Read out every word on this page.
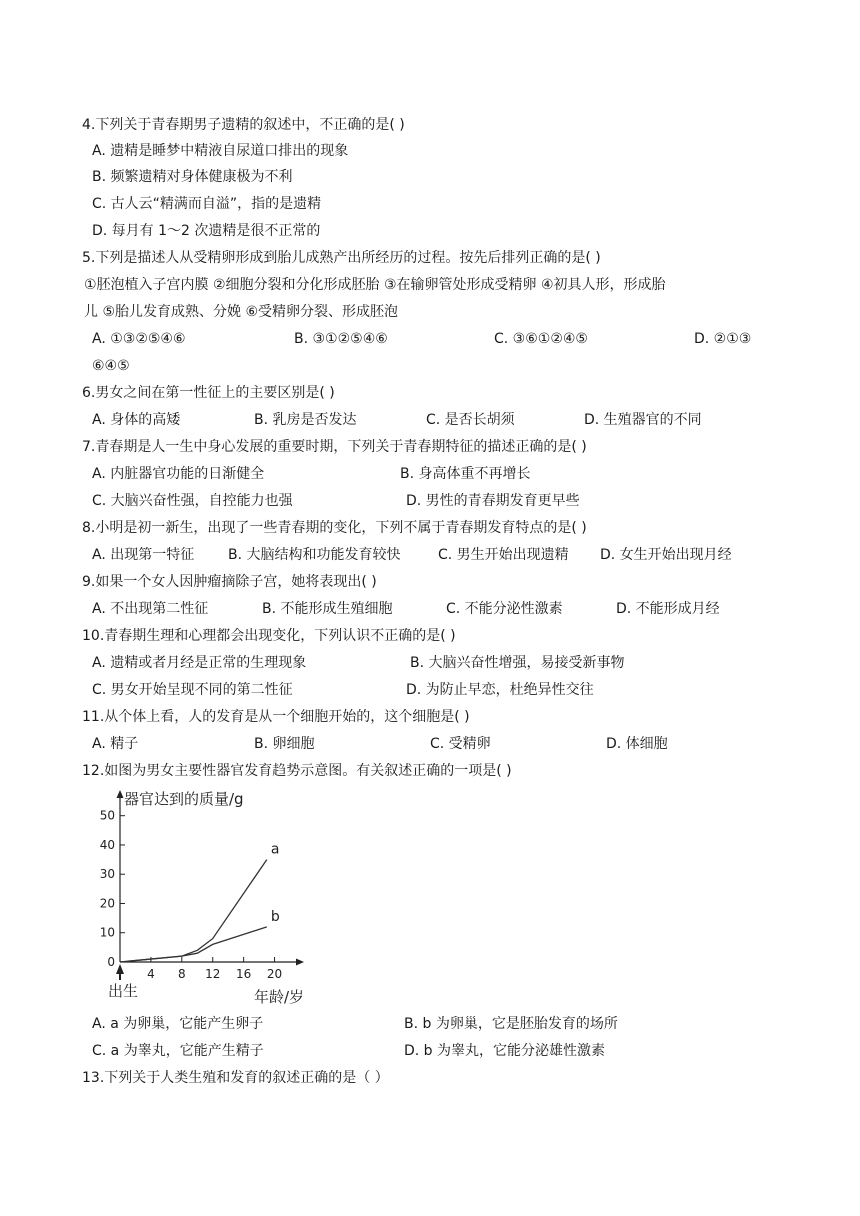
4.下列关于青春期男子遗精的叙述中，不正确的是( )
A. 遗精是睡梦中精液自尿道口排出的现象
B. 频繁遗精对身体健康极为不利
C. 古人云“精满而自溢”，指的是遗精
D. 每月有 1～2 次遗精是很不正常的
5.下列是描述人从受精卵形成到胎儿成熟产出所经历的过程。按先后排列正确的是( )
①胚泡植入子宫内膜 ②细胞分裂和分化形成胚胎 ③在输卵管处形成受精卵 ④初具人形，形成胎
儿 ⑤胎儿发育成熟、分娩 ⑥受精卵分裂、形成胚泡
A. ①③②⑤④⑥	B. ③①②⑤④⑥	C. ③⑥①②④⑤	D. ②①③
⑥④⑤
6.男女之间在第一性征上的主要区别是( )
A. 身体的高矮	B. 乳房是否发达	C. 是否长胡须	D. 生殖器官的不同
7.青春期是人一生中身心发展的重要时期，下列关于青春期特征的描述正确的是( )
A. 内脏器官功能的日渐健全	B. 身高体重不再增长
C. 大脑兴奋性强，自控能力也强	D. 男性的青春期发育更早些
8.小明是初一新生，出现了一些青春期的变化，下列不属于青春期发育特点的是( )
A. 出现第一特征 B. 大脑结构和功能发育较快	C. 男生开始出现遗精 D. 女生开始出现月经
9.如果一个女人因肿瘤摘除子宫，她将表现出( )
A. 不出现第二性征	B. 不能形成生殖细胞	C. 不能分泌性激素	D. 不能形成月经
10.青春期生理和心理都会出现变化，下列认识不正确的是( )
A. 遗精或者月经是正常的生理现象	B. 大脑兴奋性增强，易接受新事物
C. 男女开始呈现不同的第二性征	D. 为防止早恋，杜绝异性交往
11.从个体上看，人的发育是从一个细胞开始的，这个细胞是( )
A. 精子	B. 卵细胞	C. 受精卵	D. 体细胞
12.如图为男女主要性器官发育趋势示意图。有关叙述正确的一项是( )
器官达到的质量/g
年龄/岁
出生
0
10
20
30
40
50
4 8 12 16 20
a
b
A. a 为卵巢，它能产生卵子	B. b 为卵巢，它是胚胎发育的场所
C. a 为睾丸，它能产生精子	D. b 为睾丸，它能分泌雄性激素
13.下列关于人类生殖和发育的叙述正确的是（ ）
